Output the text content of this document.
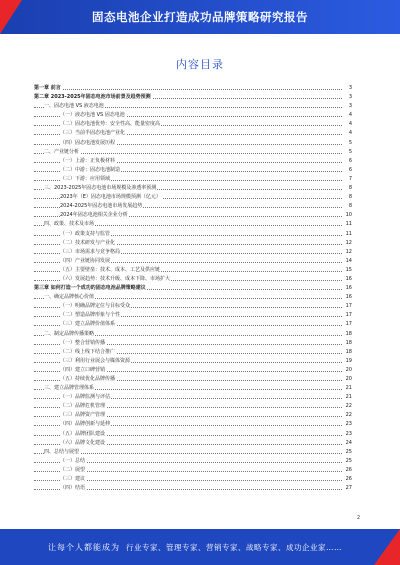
固态电池企业打造成功品牌策略研究报告
内容目录
第一章 前言	3
第二章 2023-2025年固态电池市场前景及趋势预测	3
一、固态电池 VS 液态电池	3
（一）液态电池 VS 固态电池	4
（二）固态电池优势：安全性高、能量密度高	4
（三）当前半固态电池产业化	4
（四）固态电池发展历程	5
二、产业链分析	5
（一）上游：正负极材料	6
（二）中游：固态电池制造	6
（三）下游：应用领域	7
三、2023-2025年固态电池市场规模及渗透率预测	8
2023年（E）固态电池市场规模预测（亿元）	8
2024-2025年固态电池市场发展趋势	8
2024年固态电池相关企业分析	10
四、政策、技术及市场	11
（一）政策支持与监管	11
（二）技术研发与产业化	12
（三）市场需求与竞争格局	12
（四）产业链协同发展	14
（五）主要壁垒：技术、成本、工艺及供应链	15
（六）发展趋势：技术升级、成本下降、市场扩大	16
第三章 如何打造一个成功的固态电池品牌策略建议	16
一、确定品牌核心价值	16
（一）明确品牌定位与目标受众	17
（二）塑造品牌形象与个性	17
（三）建立品牌价值体系	17
二、制定品牌传播策略	18
（一）整合营销传播	18
（二）线上线下结合推广	18
（三）利用行业展会与媒体资源	19
（四）建立口碑营销	20
（五）持续优化品牌传播	20
三、建立品牌管理体系	21
（一）品牌监测与评估	21
（二）品牌危机管理	22
（三）品牌资产管理	22
（四）品牌创新与延伸	23
（五）品牌团队建设	23
（六）品牌文化建设	24
四、总结与展望	25
（一）总结	25
（二）展望	26
（三）建议	26
（四）结语	27
2
让每个人都能成为 行业专家、管理专家、营销专家、战略专家、成功企业家……
